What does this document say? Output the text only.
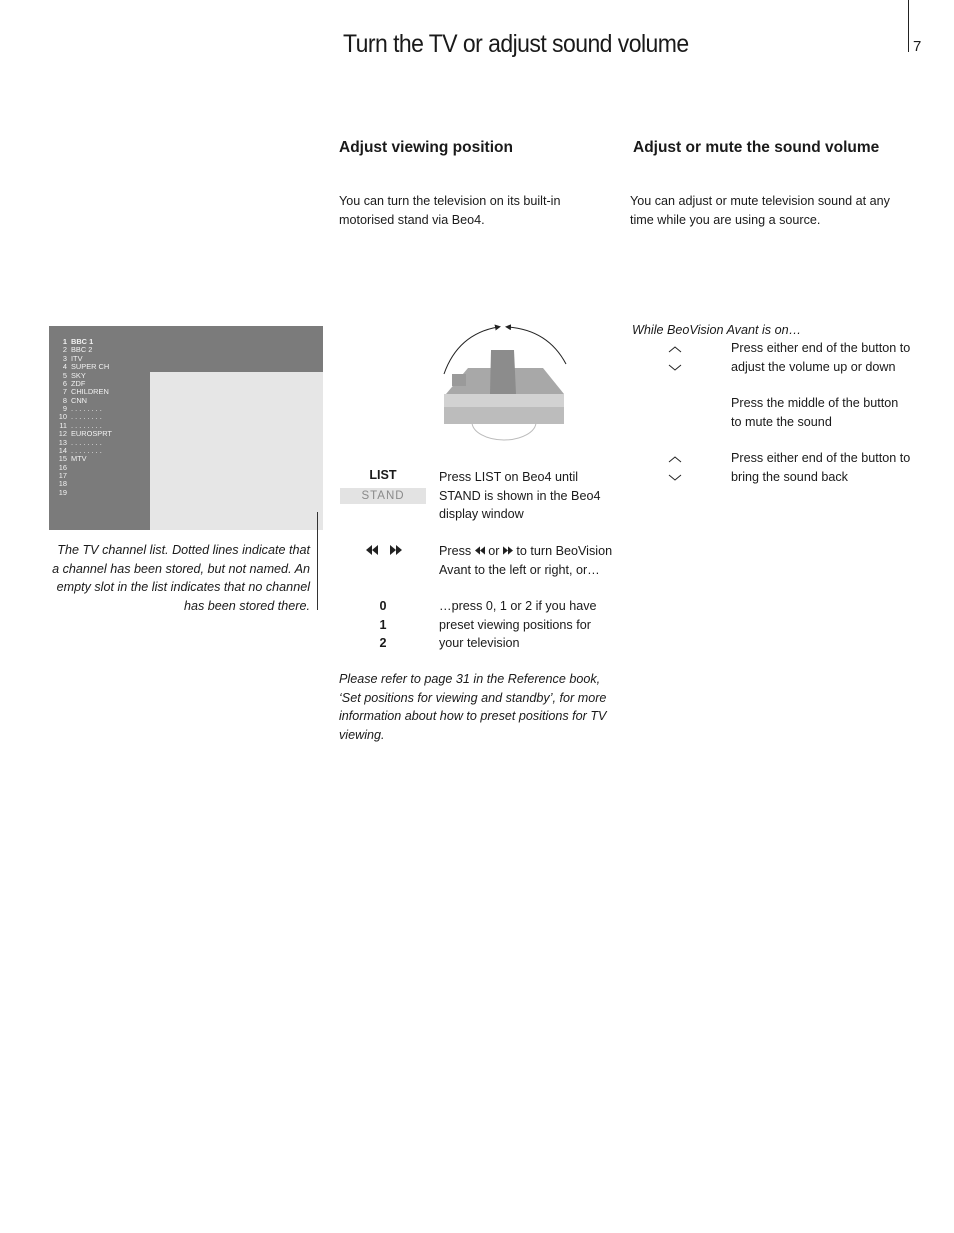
Turn the TV or adjust sound volume	7
1 BBC 1
2 BBC 2
3 ITV
4 SUPER CH
5 SKY
6 ZDF
7 CHILDREN
8 CNN
9 . . . . . . . .
10 . . . . . . . .
11 . . . . . . . .
12 EUROSPRT
13 . . . . . . . .
14 . . . . . . . .
15 MTV
16
17
18
19
The TV channel list. Dotted lines indicate that a channel has been stored, but not named. An empty slot in the list indicates that no channel has been stored there.
Adjust viewing position
You can turn the television on its built-in motorised stand via Beo4.
LIST
STAND
Press LIST on Beo4 until STAND is shown in the Beo4 display window
Press  or  to turn BeoVision Avant to the left or right, or…
0
1
2
…press 0, 1 or 2 if you have preset viewing positions for your television
Please refer to page 31 in the Reference book, ‘Set positions for viewing and standby’, for more information about how to preset positions for TV viewing.
Adjust or mute the sound volume
You can adjust or mute television sound at any time while you are using a source.
While BeoVision Avant is on…
Press either end of the button to adjust the volume up or down
Press the middle of the button to mute the sound
Press either end of the button to bring the sound back
